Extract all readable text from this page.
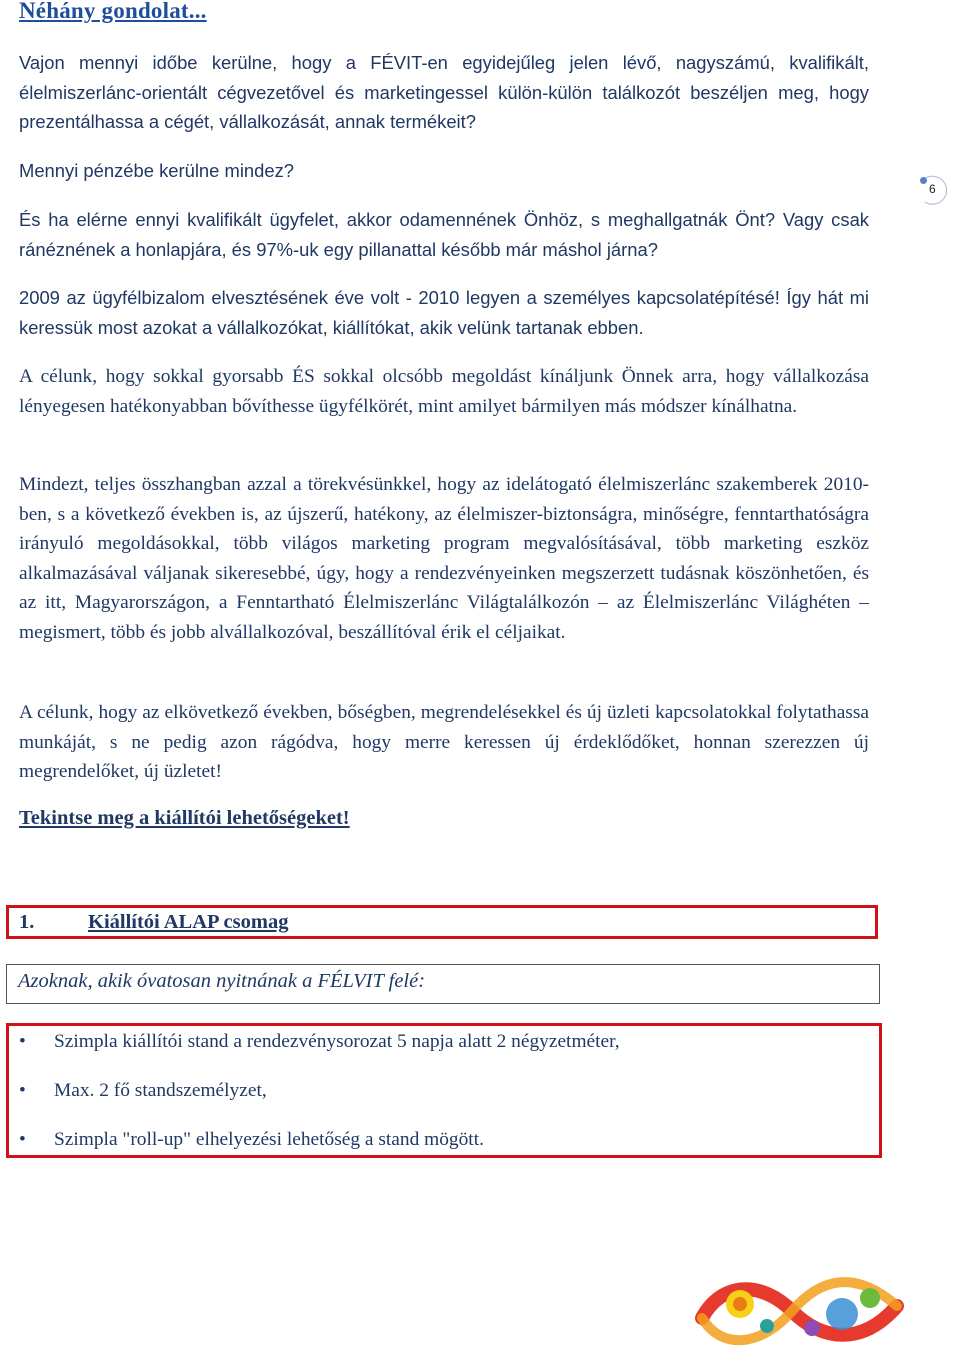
Néhány gondolat...

Vajon mennyi időbe kerülne, hogy a FÉVIT-en egyidejűleg jelen lévő, nagyszámú, kvalifikált, élelmiszerlánc-orientált cégvezetővel és marketingessel külön-külön találkozót beszéljen meg, hogy prezentálhassa a cégét, vállalkozását, annak termékeit?

Mennyi pénzébe kerülne mindez?

És ha elérne ennyi kvalifikált ügyfelet, akkor odamennének Önhöz, s meghallgatnák Önt? Vagy csak ránéznének a honlapjára, és 97%-uk egy pillanattal később már máshol járna?

2009 az ügyfélbizalom elvesztésének éve volt - 2010 legyen a személyes kapcsolatépítésé! Így hát mi keressük most azokat a vállalkozókat, kiállítókat, akik velünk tartanak ebben.

A célunk, hogy sokkal gyorsabb ÉS sokkal olcsóbb megoldást kínáljunk Önnek arra, hogy vállalkozása lényegesen hatékonyabban bővíthesse ügyfélkörét, mint amilyet bármilyen más módszer kínálhatna.

Mindezt, teljes összhangban azzal a törekvésünkkel, hogy az idelátogató élelmiszerlánc szakemberek 2010-ben, s a következő években is, az újszerű, hatékony, az élelmiszer-biztonságra, minőségre, fenntarthatóságra irányuló megoldásokkal, több világos marketing program megvalósításával, több marketing eszköz alkalmazásával váljanak sikeresebbé, úgy, hogy a rendezvényeinken megszerzett tudásnak köszönhetően, és az itt, Magyarországon, a Fenntartható Élelmiszerlánc Világtalálkozón – az Élelmiszerlánc Világhéten – megismert, több és jobb alvállalkozóval, beszállítóval érik el céljaikat.

A célunk, hogy az elkövetkező években, bőségben, megrendelésekkel és új üzleti kapcsolatokkal folytathassa munkáját, s ne pedig azon rágódva, hogy merre keressen új érdeklődőket, honnan szerezzen új megrendelőket, új üzletet!

Tekintse meg a kiállítói lehetőségeket!
6
1.	Kiállítói ALAP csomag
Azoknak, akik óvatosan nyitnának a FÉLVIT felé:
• Szimpla kiállítói stand a rendezvénysorozat 5 napja alatt 2 négyzetméter,
• Max. 2 fő standszemélyzet,
• Szimpla "roll-up" elhelyezési lehetőség a stand mögött.
